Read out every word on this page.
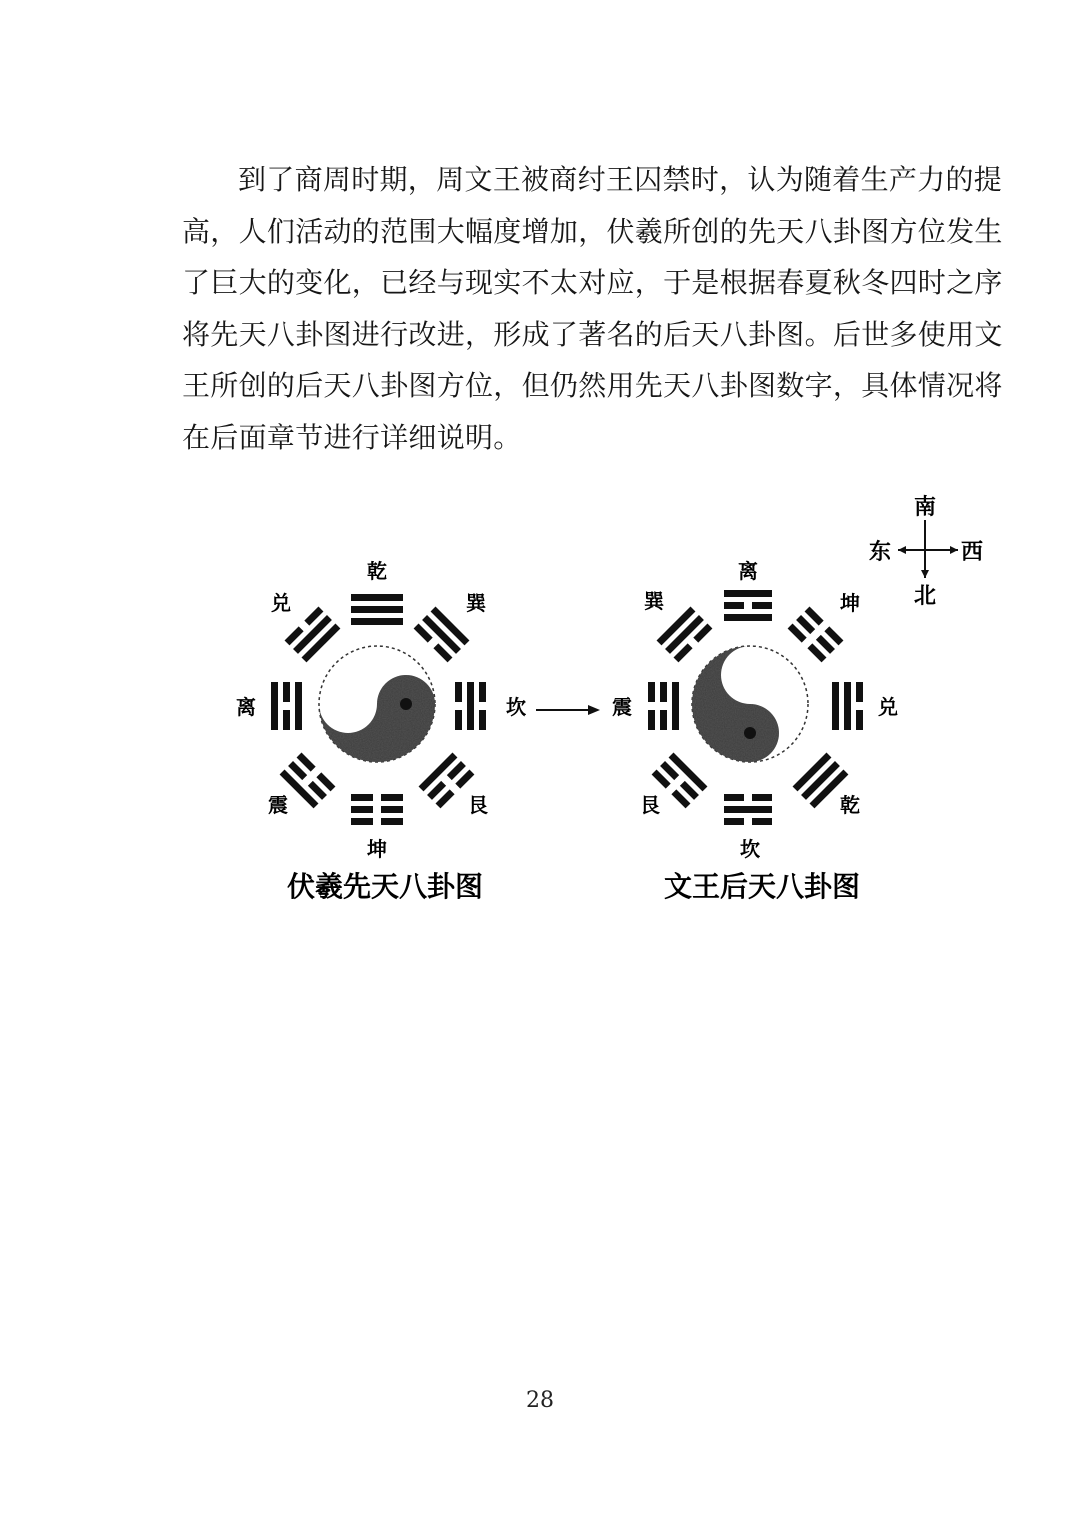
到了商周时期，周文王被商纣王囚禁时，认为随着生产力的提
高，人们活动的范围大幅度增加，伏羲所创的先天八卦图方位发生
了巨大的变化，已经与现实不太对应，于是根据春夏秋冬四时之序
将先天八卦图进行改进，形成了著名的后天八卦图。后世多使用文
王所创的后天八卦图方位，但仍然用先天八卦图数字，具体情况将
在后面章节进行详细说明。
南
北
东	西
乾
兑	巽
离	坎
震	艮
坤
伏羲先天八卦图
离
巽	坤
震	兑
艮	乾
坎
文王后天八卦图
28
